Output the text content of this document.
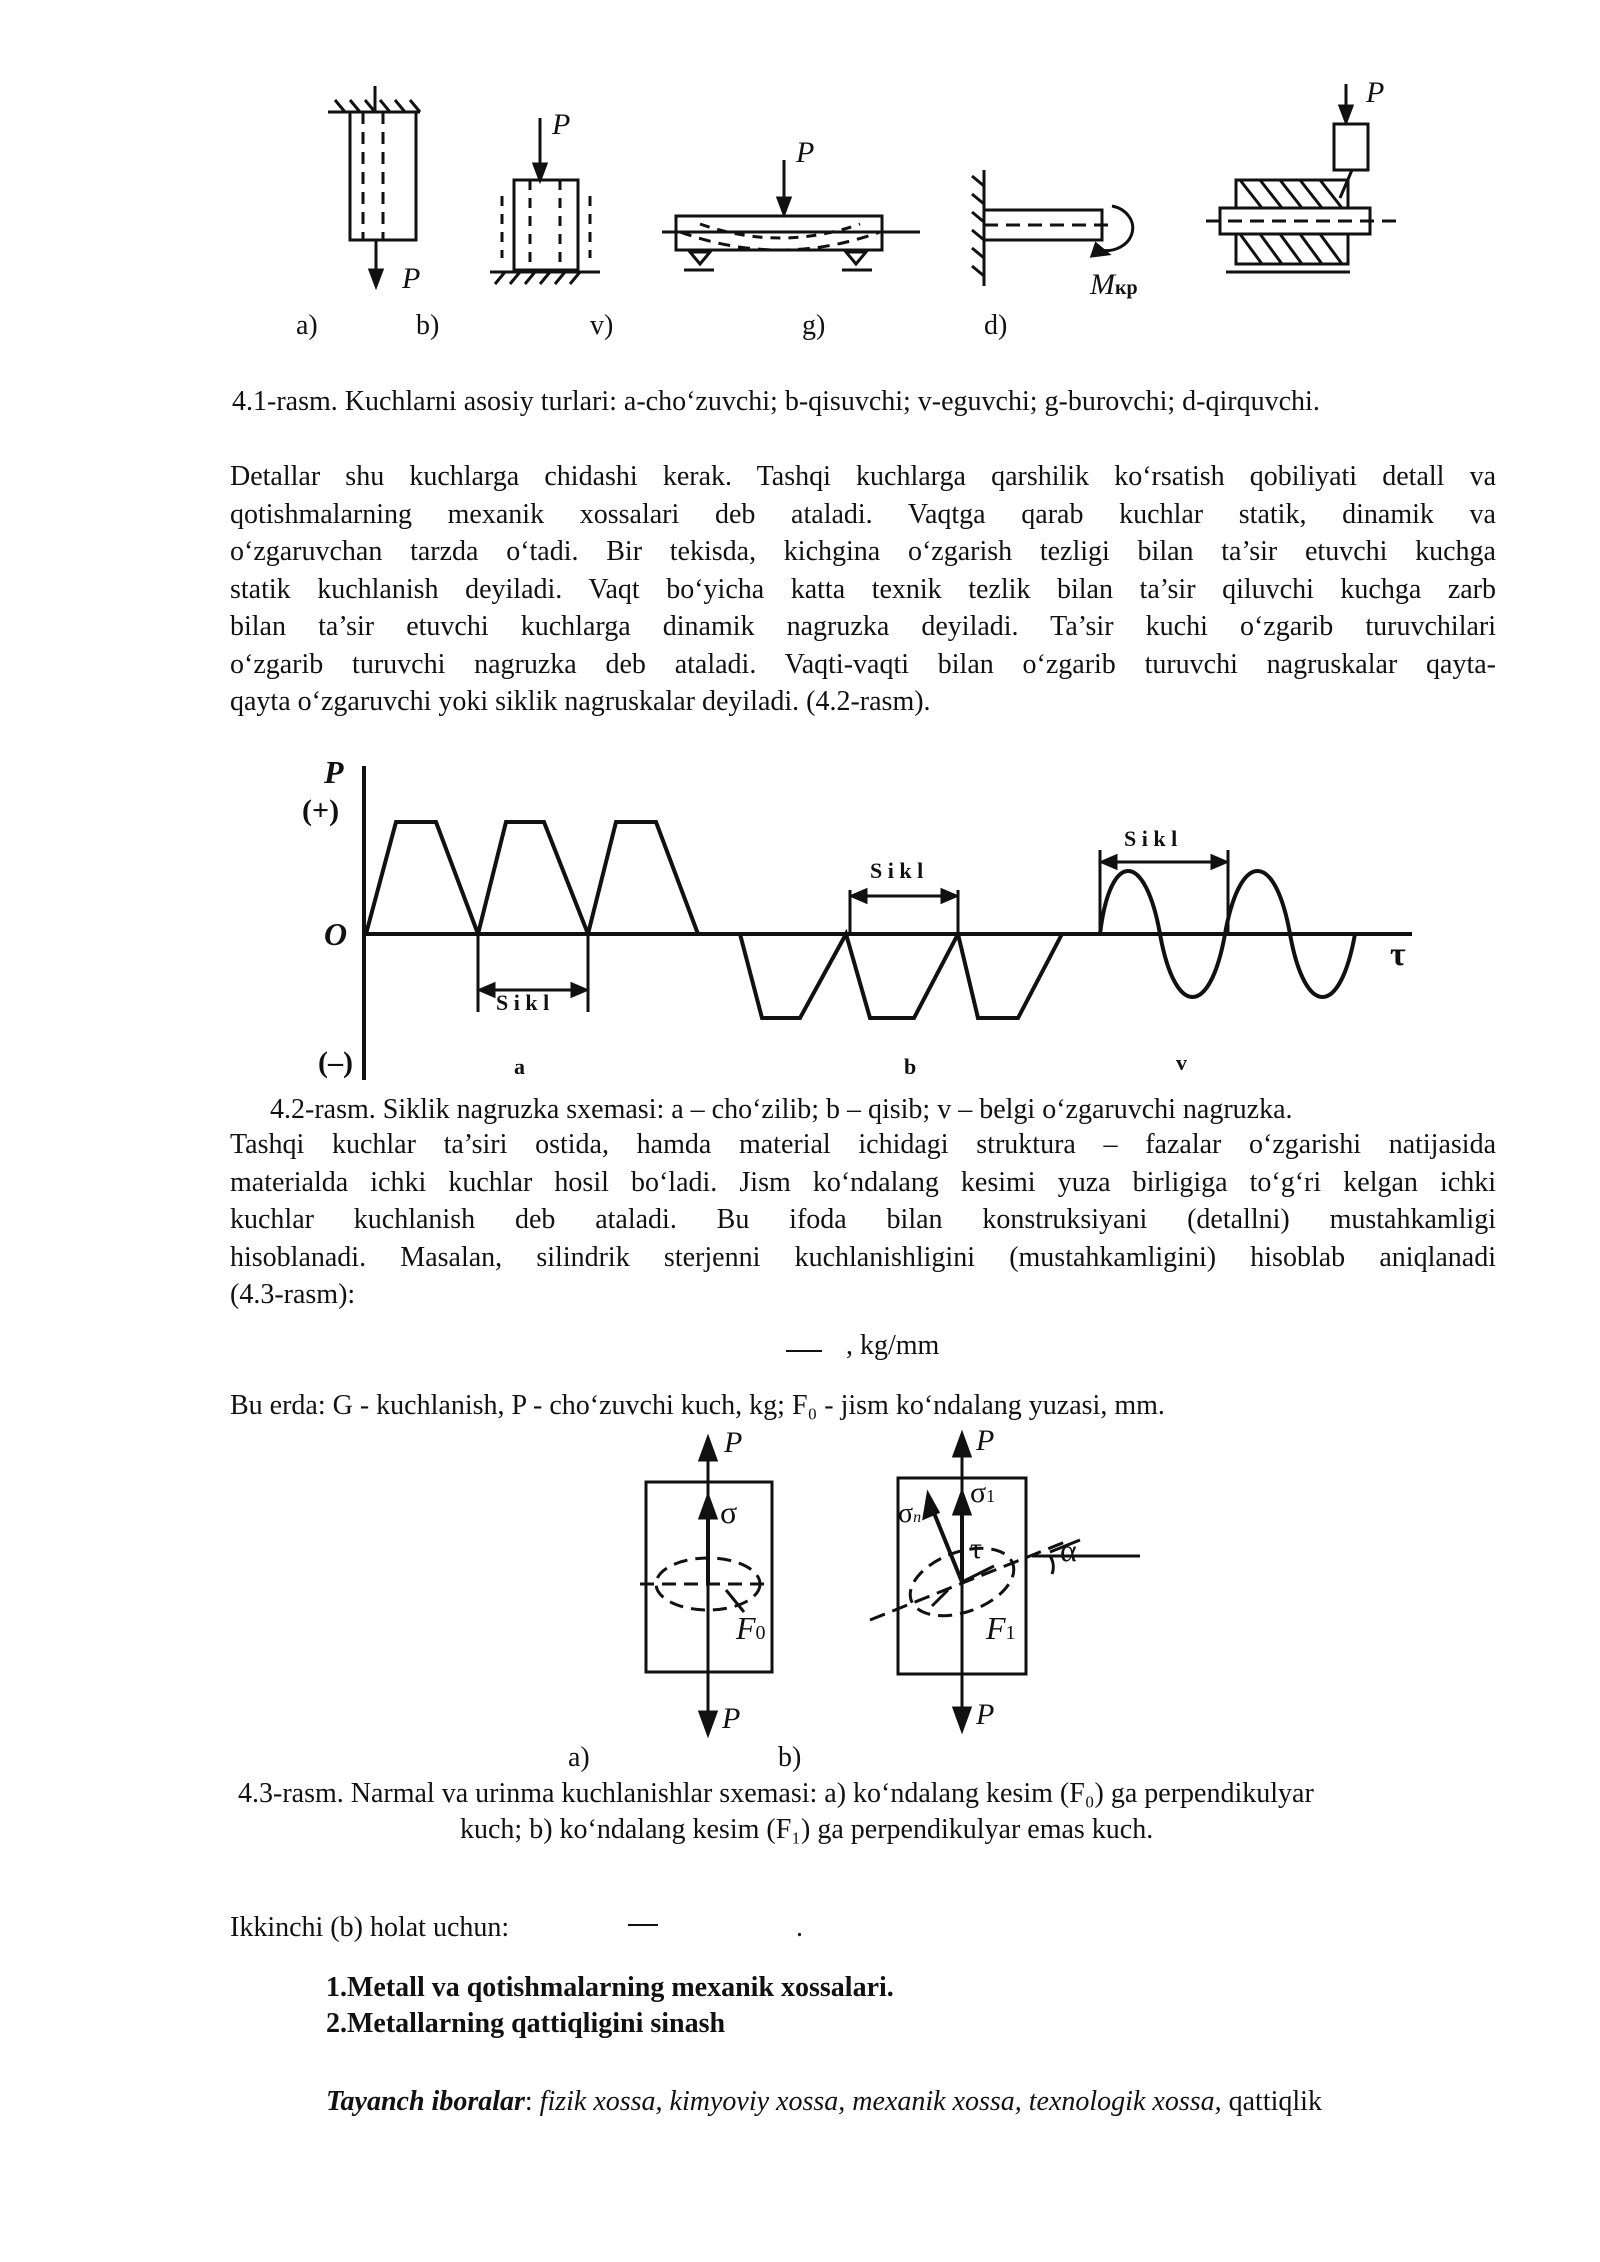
P
P
P
Mкр
P
a)	b)	v)	g)	d)
4.1-rasm. Kuchlarni asosiy turlari: a-cho‘zuvchi; b-qisuvchi; v-eguvchi; g-burovchi; d-qirquvchi.
Detallar shu kuchlarga chidashi kerak. Tashqi kuchlarga qarshilik ko‘rsatish qobiliyati detall va
qotishmalarning mexanik xossalari deb ataladi. Vaqtga qarab kuchlar statik, dinamik va
o‘zgaruvchan tarzda o‘tadi. Bir tekisda, kichgina o‘zgarish tezligi bilan ta’sir etuvchi kuchga
statik kuchlanish deyiladi. Vaqt bo‘yicha katta texnik tezlik bilan ta’sir qiluvchi kuchga zarb
bilan ta’sir etuvchi kuchlarga dinamik nagruzka deyiladi. Ta’sir kuchi o‘zgarib turuvchilari
o‘zgarib turuvchi nagruzka deb ataladi. Vaqti-vaqti bilan o‘zgarib turuvchi nagruskalar qayta-
qayta o‘zgaruvchi yoki siklik nagruskalar deyiladi. (4.2-rasm).
P
(+)
O
(–)
τ
S i k l
S i k l
S i k l
a	b	v
4.2-rasm. Siklik nagruzka sxemasi: a – cho‘zilib; b – qisib; v – belgi o‘zgaruvchi nagruzka.
Tashqi kuchlar ta’siri ostida, hamda material ichidagi struktura – fazalar o‘zgarishi natijasida
materialda ichki kuchlar hosil bo‘ladi. Jism ko‘ndalang kesimi yuza birligiga to‘g‘ri kelgan ichki
kuchlar kuchlanish deb ataladi. Bu ifoda bilan konstruksiyani (detallni) mustahkamligi
hisoblanadi. Masalan, silindrik sterjenni kuchlanishligini (mustahkamligini) hisoblab aniqlanadi
(4.3-rasm):
, kg/mm
Bu erda: G - kuchlanish, P - cho‘zuvchi kuch, kg; F₀ - jism ko‘ndalang yuzasi, mm.
P
σ
F0
P
P
σ1
σn
τ α
F1
P
a)	b)
4.3-rasm. Narmal va urinma kuchlanishlar sxemasi: a) ko‘ndalang kesim (F₀) ga perpendikulyar
kuch; b) ko‘ndalang kesim (F₁) ga perpendikulyar emas kuch.
Ikkinchi (b) holat uchun:	.
1.Metall va qotishmalarning mexanik xossalari.
2.Metallarning qattiqligini sinash
Tayanch iboralar: fizik xossa, kimyoviy xossa, mexanik xossa, texnologik xossa, qattiqlik
